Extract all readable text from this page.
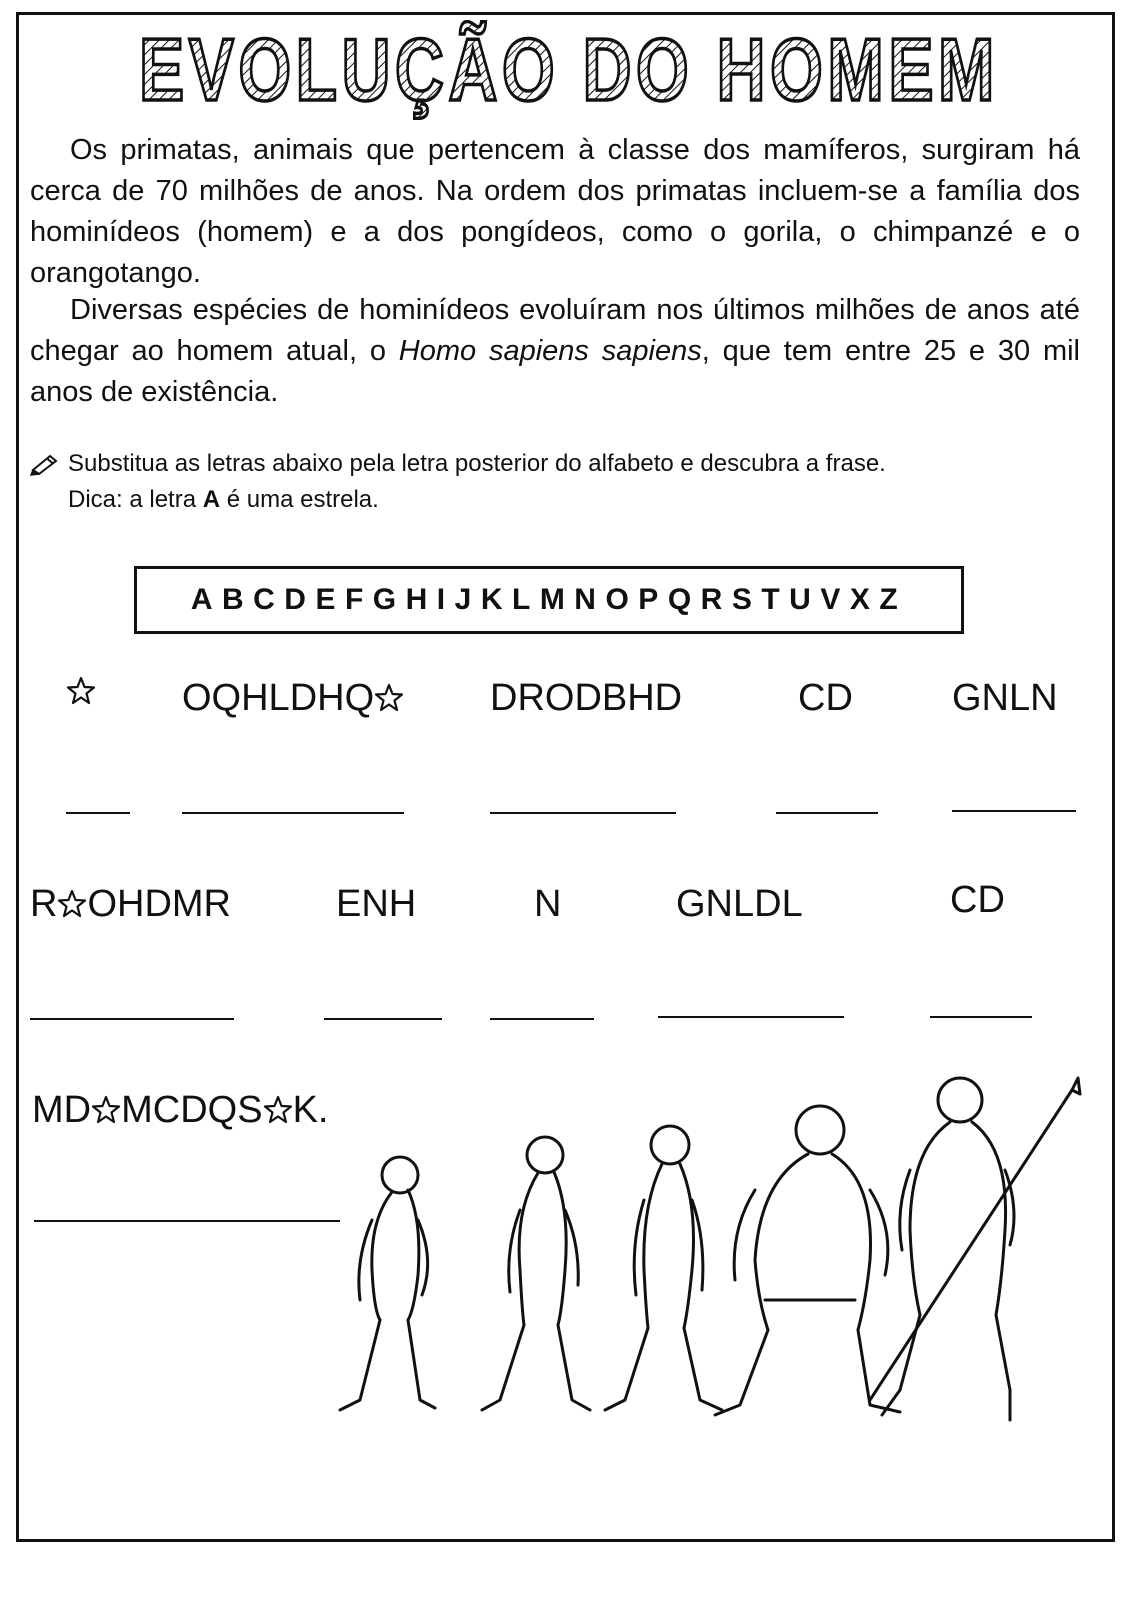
EVOLUÇÃO DO HOMEM

Os primatas, animais que pertencem à classe dos mamíferos, surgiram há cerca de 70 milhões de anos. Na ordem dos primatas incluem-se a família dos hominídeos (homem) e a dos pongídeos, como o gorila, o chimpanzé e o orangotango.

Diversas espécies de hominídeos evoluíram nos últimos milhões de anos até chegar ao homem atual, o Homo sapiens sapiens, que tem entre 25 e 30 mil anos de existência.

Substitua as letras abaixo pela letra posterior do alfabeto e descubra a frase.
Dica: a letra A é uma estrela.
ABCDEFGHIJKLMNOPQRSTUVXZ
OQHLDHQ	DRODBHD	CD	GNLN
R OHDMR	ENH	N	GNLDL	CD
MD MCDQS K.
